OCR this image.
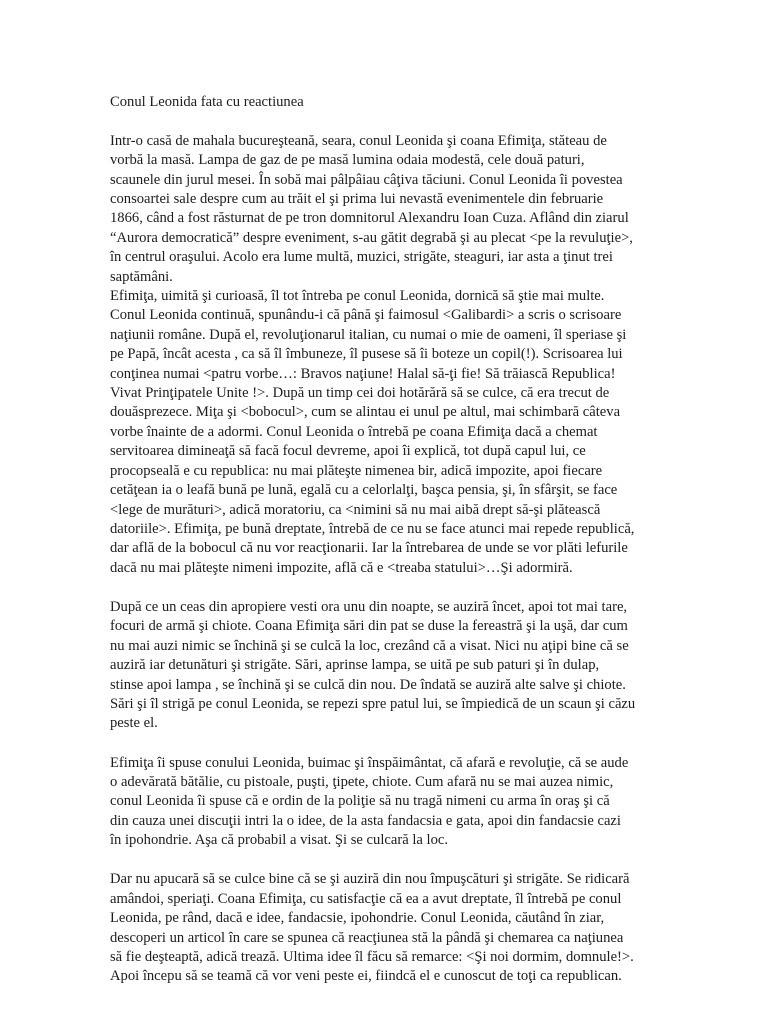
Conul Leonida fata cu reactiunea

Intr-o casă de mahala bucureşteană, seara, conul Leonida şi coana Efimiţa, stăteau de
vorbă la masă. Lampa de gaz de pe masă lumina odaia modestă, cele două paturi,
scaunele din jurul mesei. În sobă mai pâlpâiau câţiva tăciuni. Conul Leonida îi povestea
consoartei sale despre cum au trăit el şi prima lui nevastă evenimentele din februarie
1866, când a fost răsturnat de pe tron domnitorul Alexandru Ioan Cuza. Aflând din ziarul
“Aurora democratică” despre eveniment, s-au gătit degrabă şi au plecat <pe la revuluţie>,
în centrul oraşului. Acolo era lume multă, muzici, strigăte, steaguri, iar asta a ţinut trei
saptămâni.
Efimiţa, uimită şi curioasă, îl tot întreba pe conul Leonida, dornică să ştie mai multe.
Conul Leonida continuă, spunându-i că până şi faimosul <Galibardi> a scris o scrisoare
naţiunii române. După el, revoluţionarul italian, cu numai o mie de oameni, îl speriase şi
pe Papă, încât acesta , ca să îl îmbuneze, îl pusese să îi boteze un copil(!). Scrisoarea lui
conţinea numai <patru vorbe…: Bravos naţiune! Halal să-ţi fie! Să trăiască Republica!
Vivat Prinţipatele Unite !>. După un timp cei doi hotărără să se culce, că era trecut de
douăsprezece. Miţa şi <bobocul>, cum se alintau ei unul pe altul, mai schimbară câteva
vorbe înainte de a adormi. Conul Leonida o întrebă pe coana Efimiţa dacă a chemat
servitoarea dimineaţă să facă focul devreme, apoi îi explică, tot după capul lui, ce
procopseală e cu republica: nu mai plăteşte nimenea bir, adică impozite, apoi fiecare
cetăţean ia o leafă bună pe lună, egală cu a celorlalţi, başca pensia, şi, în sfârşit, se face
<lege de murături>, adică moratoriu, ca <nimini să nu mai aibă drept să-şi plătească
datoriile>. Efimiţa, pe bună dreptate, întrebă de ce nu se face atunci mai repede republică,
dar află de la bobocul că nu vor reacţionarii. Iar la întrebarea de unde se vor plăti lefurile
dacă nu mai plăteşte nimeni impozite, află că e <treaba statului>…Şi adormiră.

După ce un ceas din apropiere vesti ora unu din noapte, se auziră încet, apoi tot mai tare,
focuri de armă şi chiote. Coana Efimiţa sări din pat se duse la fereastră şi la uşă, dar cum
nu mai auzi nimic se închină şi se culcă la loc, crezând că a visat. Nici nu aţipi bine că se
auziră iar detunături şi strigăte. Sări, aprinse lampa, se uită pe sub paturi şi în dulap,
stinse apoi lampa , se închină şi se culcă din nou. De îndată se auziră alte salve şi chiote.
Sări şi îl strigă pe conul Leonida, se repezi spre patul lui, se împiedică de un scaun şi căzu
peste el.

Efimiţa îi spuse conului Leonida, buimac şi înspăimântat, că afară e revoluţie, că se aude
o adevărată bătălie, cu pistoale, puşti, ţipete, chiote. Cum afară nu se mai auzea nimic,
conul Leonida îi spuse că e ordin de la poliţie să nu tragă nimeni cu arma în oraş şi că
din cauza unei discuţii intri la o idee, de la asta fandacsia e gata, apoi din fandacsie cazi
în ipohondrie. Aşa că probabil a visat. Şi se culcară la loc.

Dar nu apucară să se culce bine că se şi auziră din nou împuşcături şi strigăte. Se ridicară
amândoi, speriaţi. Coana Efimiţa, cu satisfacţie că ea a avut dreptate, îl întrebă pe conul
Leonida, pe rând, dacă e idee, fandacsie, ipohondrie. Conul Leonida, căutând în ziar,
descoperi un articol în care se spunea că reacţiunea stă la pândă şi chemarea ca naţiunea
să fie deşteaptă, adică trează. Ultima idee îl făcu să remarce: <Şi noi dormim, domnule!>.
Apoi începu să se teamă că vor veni peste ei, fiindcă el e cunoscut de toţi ca republican.
